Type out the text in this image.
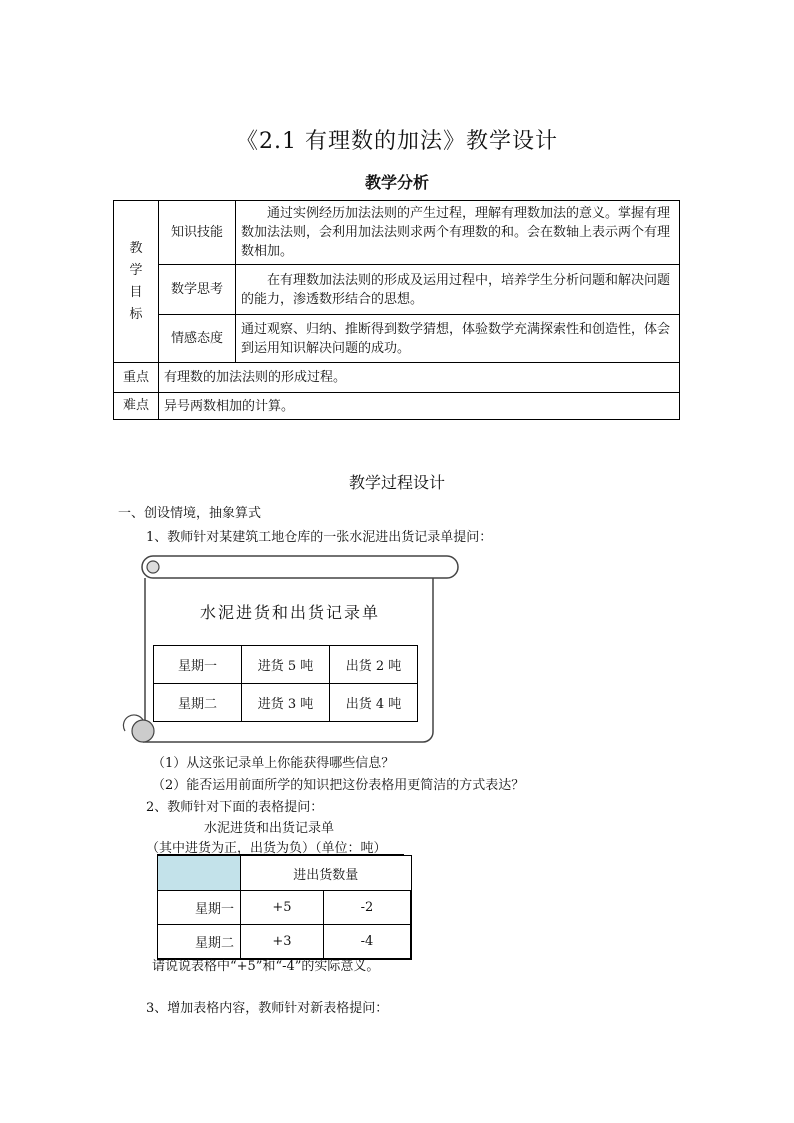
《2.1 有理数的加法》教学设计
教学分析
教
学
目
标	知识技能	通过实例经历加法法则的产生过程，理解有理数加法的意义。掌握有理数加法法则，会利用加法法则求两个有理数的和。会在数轴上表示两个有理数相加。
	数学思考	在有理数加法法则的形成及运用过程中，培养学生分析问题和解决问题的能力，渗透数形结合的思想。
	情感态度	通过观察、归纳、推断得到数学猜想，体验数学充满探索性和创造性，体会到运用知识解决问题的成功。
重点	有理数的加法法则的形成过程。	
难点	异号两数相加的计算。	
教学过程设计
一、创设情境，抽象算式
1、教师针对某建筑工地仓库的一张水泥进出货记录单提问：
水泥进货和出货记录单
星期一	进货 5 吨	出货 2 吨
星期二	进货 3 吨	出货 4 吨
（1）从这张记录单上你能获得哪些信息？
（2）能否运用前面所学的知识把这份表格用更简洁的方式表达？
2、教师针对下面的表格提问：
水泥进货和出货记录单
（其中进货为正，出货为负）（单位：吨）
	进出货数量	
星期一	+5	-2
星期二	+3	-4
请说说表格中“+5”和“-4”的实际意义。
3、增加表格内容，教师针对新表格提问：
